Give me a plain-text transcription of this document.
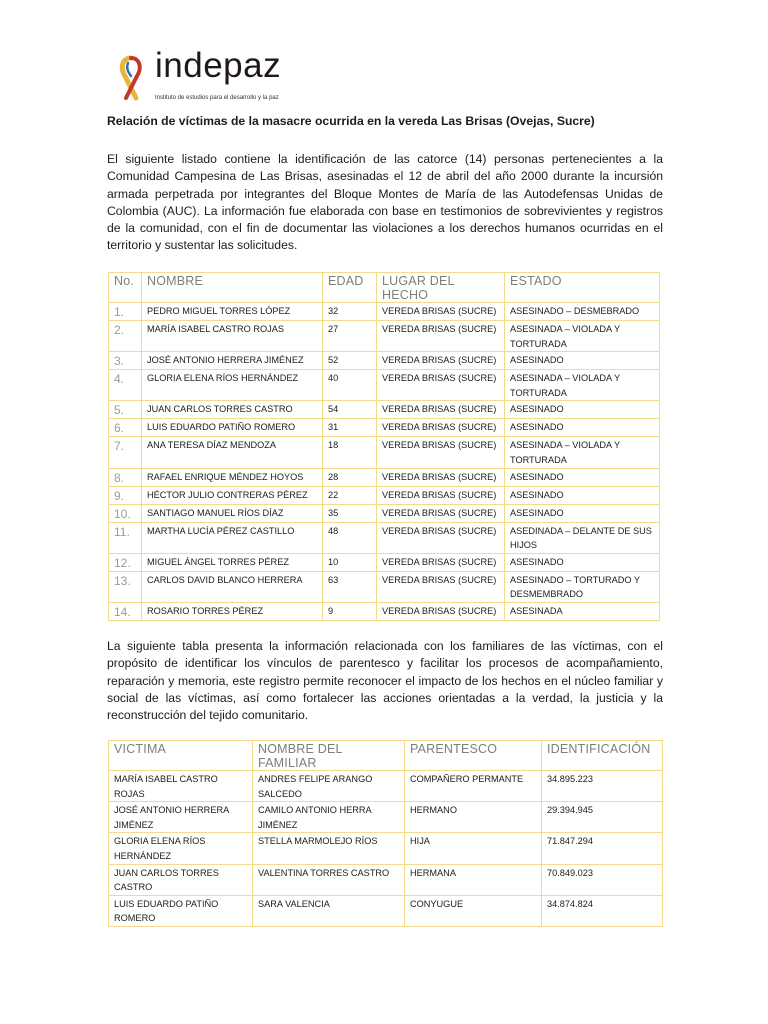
indepaz
Instituto de estudios para el desarrollo y la paz
Relación de víctimas de la masacre ocurrida en la vereda Las Brisas (Ovejas, Sucre)

El siguiente listado contiene la identificación de las catorce (14) personas pertenecientes a la Comunidad Campesina de Las Brisas, asesinadas el 12 de abril del año 2000 durante la incursión armada perpetrada por integrantes del Bloque Montes de María de las Autodefensas Unidas de Colombia (AUC). La información fue elaborada con base en testimonios de sobrevivientes y registros de la comunidad, con el fin de documentar las violaciones a los derechos humanos ocurridas en el territorio y sustentar las solicitudes.

No.	NOMBRE	EDAD	LUGAR DEL HECHO	ESTADO
1.	PEDRO MIGUEL TORRES LÓPEZ	32	VEREDA BRISAS (SUCRE)	ASESINADO – DESMEBRADO
2.	MARÍA ISABEL CASTRO ROJAS	27	VEREDA BRISAS (SUCRE)	ASESINADA – VIOLADA Y TORTURADA
3.	JOSÉ ANTONIO HERRERA JIMÉNEZ	52	VEREDA BRISAS (SUCRE)	ASESINADO
4.	GLORIA ELENA RÍOS HERNÁNDEZ	40	VEREDA BRISAS (SUCRE)	ASESINADA – VIOLADA Y TORTURADA
5.	JUAN CARLOS TORRES CASTRO	54	VEREDA BRISAS (SUCRE)	ASESINADO
6.	LUIS EDUARDO PATIÑO ROMERO	31	VEREDA BRISAS (SUCRE)	ASESINADO
7.	ANA TERESA DÍAZ MENDOZA	18	VEREDA BRISAS (SUCRE)	ASESINADA – VIOLADA Y TORTURADA
8.	RAFAEL ENRIQUE MÉNDEZ HOYOS	28	VEREDA BRISAS (SUCRE)	ASESINADO
9.	HÉCTOR JULIO CONTRERAS PÉREZ	22	VEREDA BRISAS (SUCRE)	ASESINADO
10.	SANTIAGO MANUEL RÍOS DÍAZ	35	VEREDA BRISAS (SUCRE)	ASESINADO
11.	MARTHA LUCÍA PÉREZ CASTILLO	48	VEREDA BRISAS (SUCRE)	ASEDINADA – DELANTE DE SUS HIJOS
12.	MIGUEL ÁNGEL TORRES PÉREZ	10	VEREDA BRISAS (SUCRE)	ASESINADO
13.	CARLOS DAVID BLANCO HERRERA	63	VEREDA BRISAS (SUCRE)	ASESINADO – TORTURADO Y DESMEMBRADO
14.	ROSARIO TORRES PÉREZ	9	VEREDA BRISAS (SUCRE)	ASESINADA

La siguiente tabla presenta la información relacionada con los familiares de las víctimas, con el propósito de identificar los vínculos de parentesco y facilitar los procesos de acompañamiento, reparación y memoria, este registro permite reconocer el impacto de los hechos en el núcleo familiar y social de las víctimas, así como fortalecer las acciones orientadas a la verdad, la justicia y la reconstrucción del tejido comunitario.

VICTIMA	NOMBRE DEL FAMILIAR	PARENTESCO	IDENTIFICACIÓN
MARÍA ISABEL CASTRO ROJAS	ANDRES FELIPE ARANGO SALCEDO	COMPAÑERO PERMANTE	34.895.223
JOSÉ ANTONIO HERRERA JIMÉNEZ	CAMILO ANTONIO HERRA JIMÉNEZ	HERMANO	29.394.945
GLORIA ELENA RÍOS HERNÁNDEZ	STELLA MARMOLEJO RÍOS	HIJA	71.847.294
JUAN CARLOS TORRES CASTRO	VALENTINA TORRES CASTRO	HERMANA	70.849.023
LUIS EDUARDO PATIÑO ROMERO	SARA VALENCIA	CONYUGUE	34.874.824
